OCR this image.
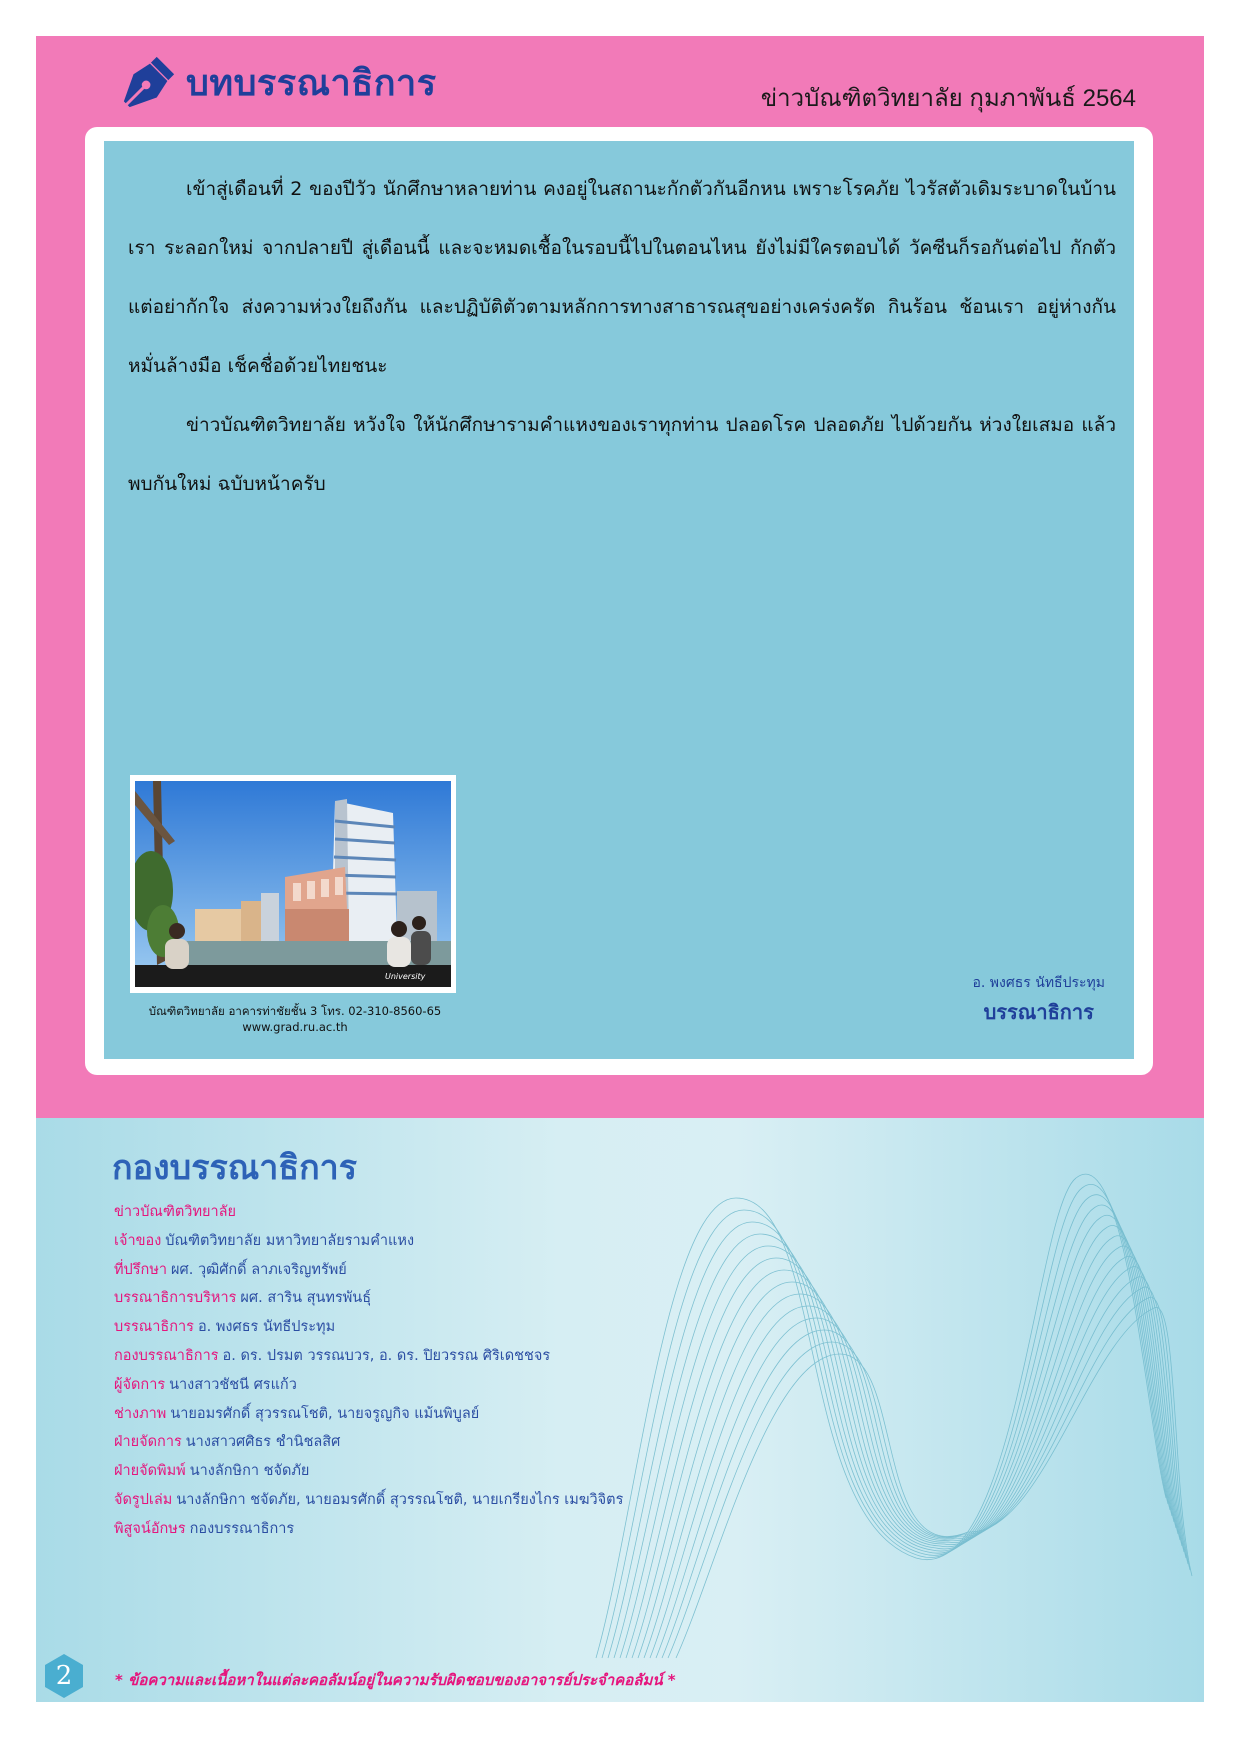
บทบรรณาธิการ	ข่าวบัณฑิตวิทยาลัย กุมภาพันธ์ 2564

เข้าสู่เดือนที่ 2 ของปีวัว นักศึกษาหลายท่าน คงอยู่ในสถานะกักตัวกันอีกหน เพราะโรคภัย ไวรัสตัวเดิมระบาดในบ้านเรา ระลอกใหม่ จากปลายปี สู่เดือนนี้ และจะหมดเชื้อในรอบนี้ไปในตอนไหน ยังไม่มีใครตอบได้ วัคซีนก็รอกันต่อไป กักตัว แต่อย่ากักใจ ส่งความห่วงใยถึงกัน และปฏิบัติตัวตามหลักการทางสาธารณสุขอย่างเคร่งครัด กินร้อน ช้อนเรา อยู่ห่างกัน หมั่นล้างมือ เช็คชื่อด้วยไทยชนะ

ข่าวบัณฑิตวิทยาลัย หวังใจ ให้นักศึกษารามคำแหงของเราทุกท่าน ปลอดโรค ปลอดภัย ไปด้วยกัน ห่วงใยเสมอ แล้วพบกันใหม่ ฉบับหน้าครับ

University
บัณฑิตวิทยาลัย อาคารท่าชัยชั้น 3 โทร. 02-310-8560-65
www.grad.ru.ac.th
อ. พงศธร นัทธีประทุม
บรรณาธิการ
กองบรรณาธิการ
ข่าวบัณฑิตวิทยาลัย
เจ้าของ บัณฑิตวิทยาลัย มหาวิทยาลัยรามคำแหง
ที่ปรึกษา ผศ. วุฒิศักดิ์ ลาภเจริญทรัพย์
บรรณาธิการบริหาร ผศ. สาริน สุนทรพันธุ์
บรรณาธิการ อ. พงศธร นัทธีประทุม
กองบรรณาธิการ อ. ดร. ปรมต วรรณบวร, อ. ดร. ปิยวรรณ ศิริเดชชจร
ผู้จัดการ นางสาวชัชนี ศรแก้ว
ช่างภาพ นายอมรศักดิ์ สุวรรณโชติ, นายจรูญกิจ แม้นพิบูลย์
ฝ่ายจัดการ นางสาวศศิธร ชำนิชลสิศ
ฝ่ายจัดพิมพ์ นางลักษิกา ชจัดภัย
จัดรูปเล่ม นางลักษิกา ชจัดภัย, นายอมรศักดิ์ สุวรรณโชติ, นายเกรียงไกร เมฆวิจิตร
พิสูจน์อักษร กองบรรณาธิการ
2	* ข้อความและเนื้อหาในแต่ละคอลัมน์อยู่ในความรับผิดชอบของอาจารย์ประจำคอลัมน์ *
